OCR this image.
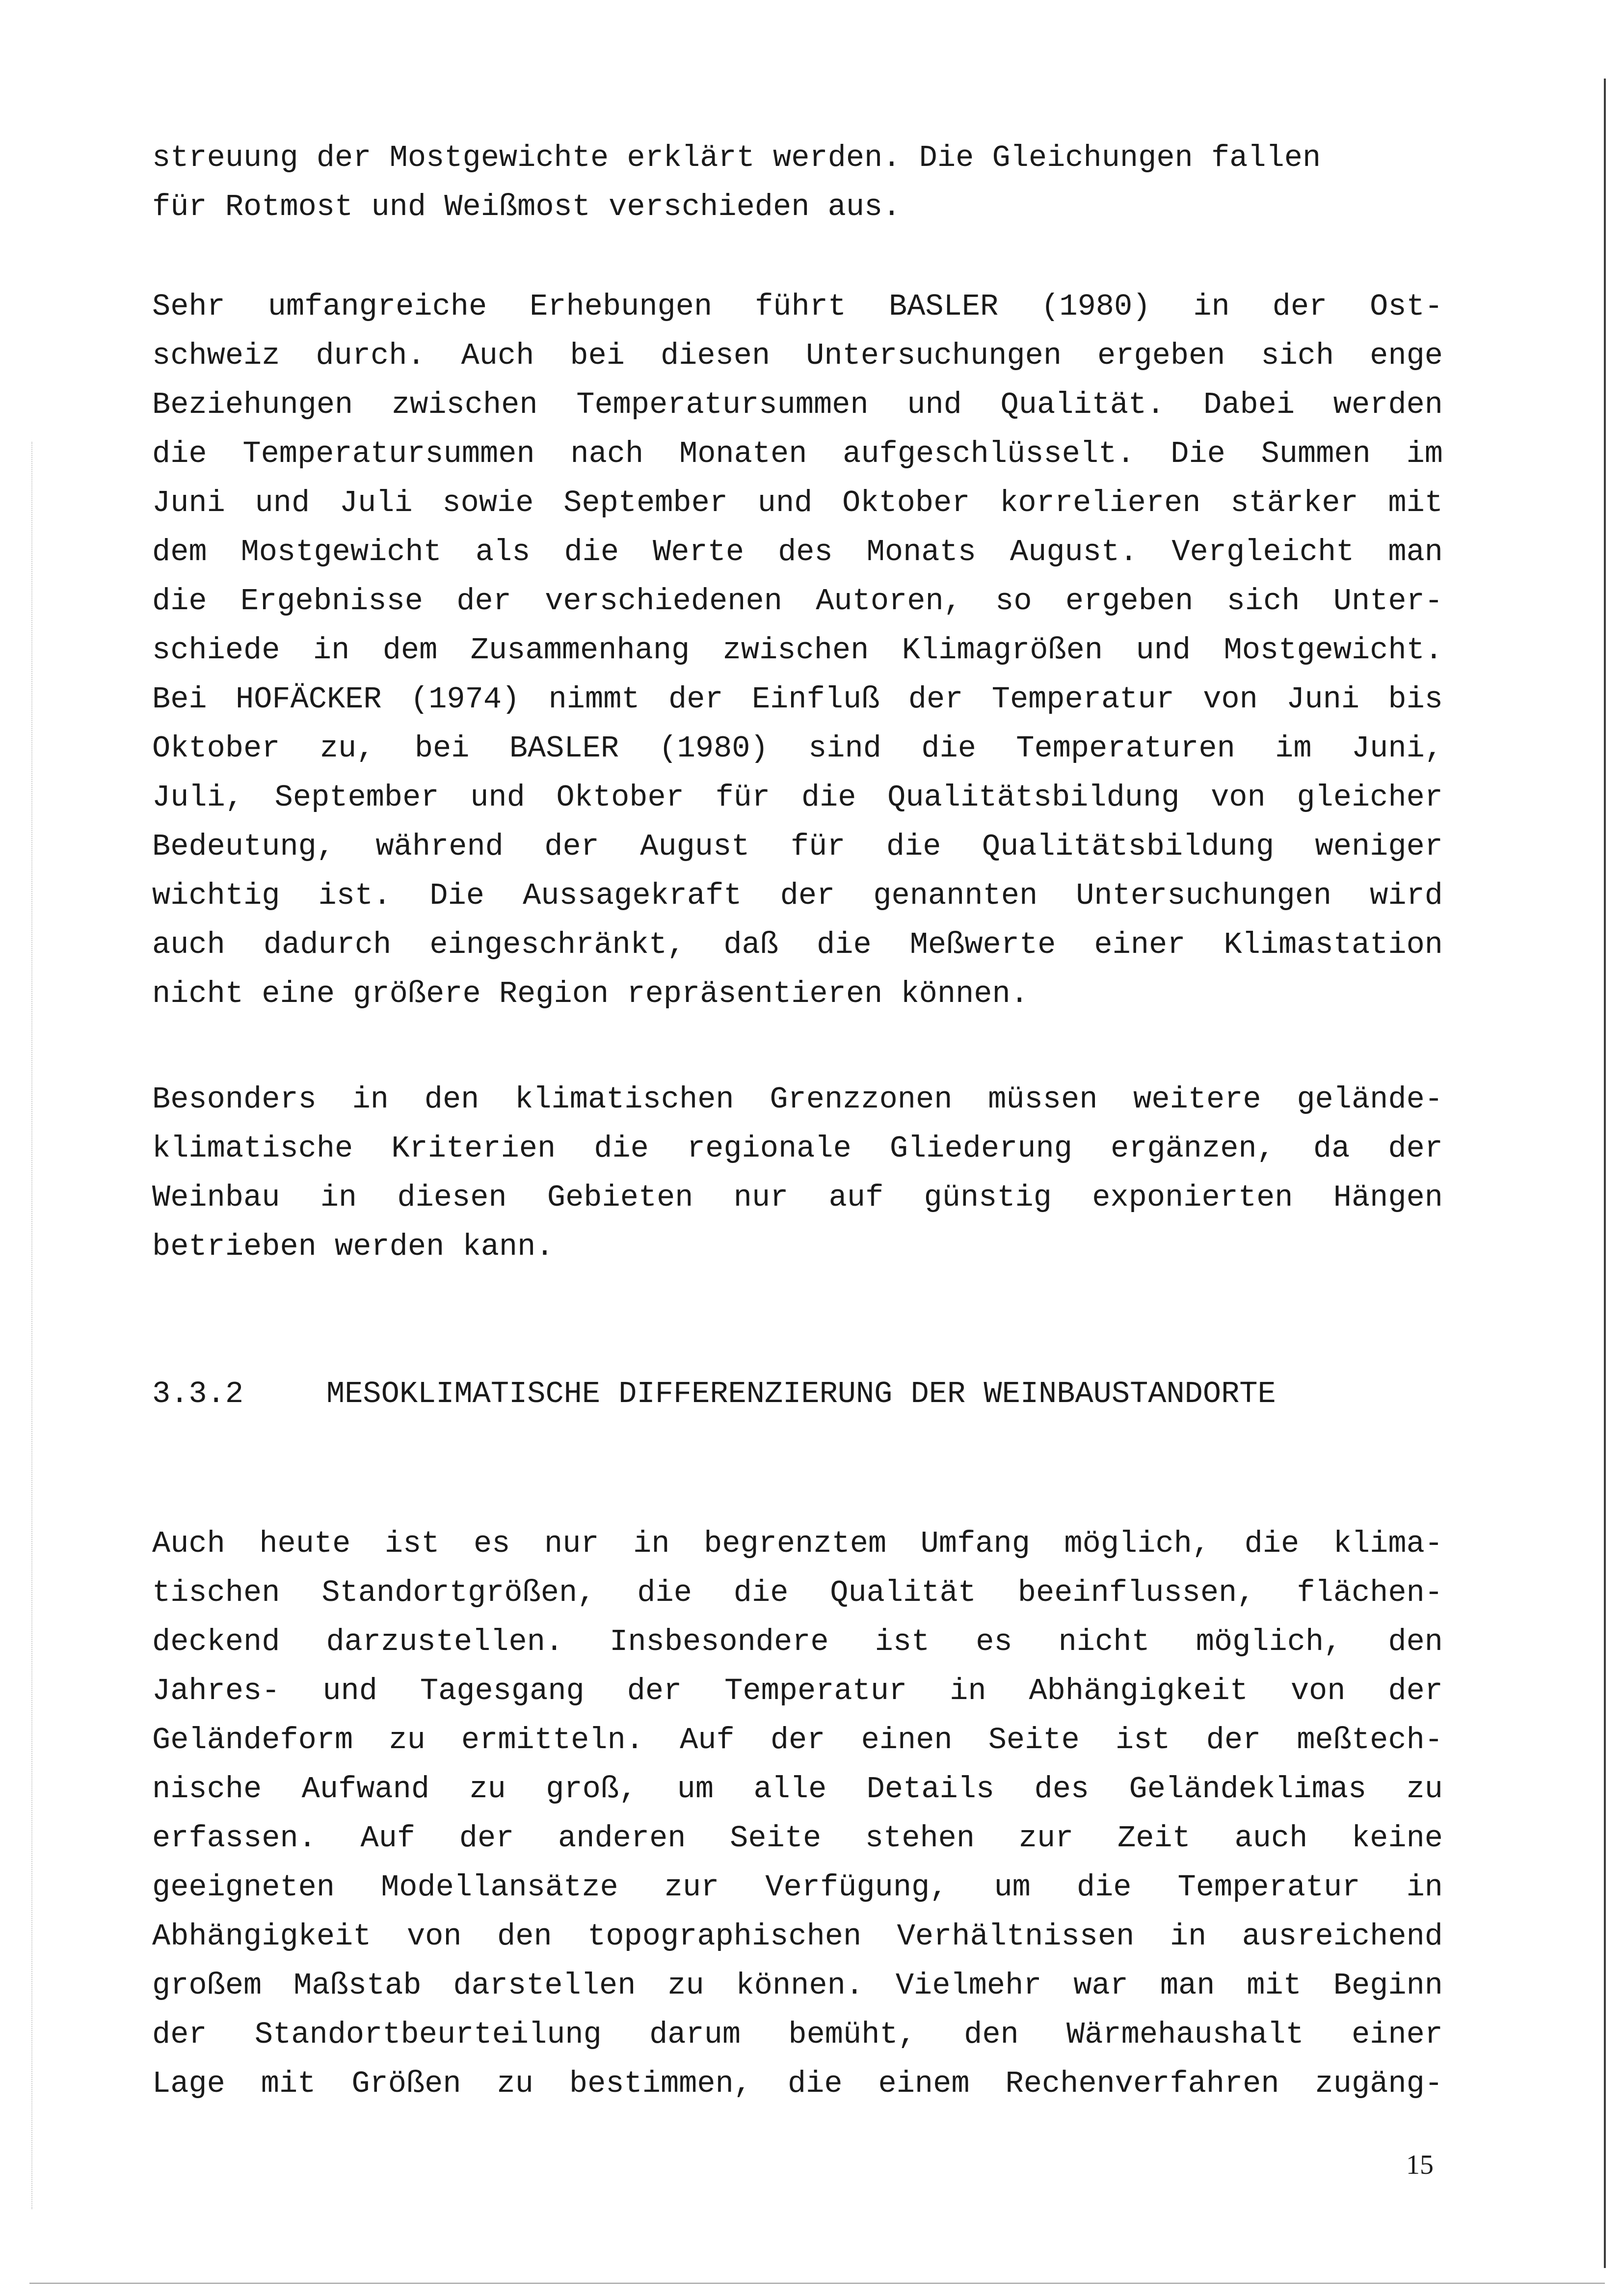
streuung der Mostgewichte erklärt werden. Die Gleichungen fallen
für Rotmost und Weißmost verschieden aus.
Sehr umfangreiche Erhebungen führt BASLER (1980) in der Ost-
schweiz durch. Auch bei diesen Untersuchungen ergeben sich enge
Beziehungen zwischen Temperatursummen und Qualität. Dabei werden
die Temperatursummen nach Monaten aufgeschlüsselt. Die Summen im
Juni und Juli sowie September und Oktober korrelieren stärker mit
dem Mostgewicht als die Werte des Monats August. Vergleicht man
die Ergebnisse der verschiedenen Autoren, so ergeben sich Unter-
schiede in dem Zusammenhang zwischen Klimagrößen und Mostgewicht.
Bei HOFÄCKER (1974) nimmt der Einfluß der Temperatur von Juni bis
Oktober zu, bei BASLER (1980) sind die Temperaturen im Juni,
Juli, September und Oktober für die Qualitätsbildung von gleicher
Bedeutung, während der August für die Qualitätsbildung weniger
wichtig ist. Die Aussagekraft der genannten Untersuchungen wird
auch dadurch eingeschränkt, daß die Meßwerte einer Klimastation
nicht eine größere Region repräsentieren können.
Besonders in den klimatischen Grenzzonen müssen weitere gelände-
klimatische Kriterien die regionale Gliederung ergänzen, da der
Weinbau in diesen Gebieten nur auf günstig exponierten Hängen
betrieben werden kann.
3.3.2	MESOKLIMATISCHE DIFFERENZIERUNG DER WEINBAUSTANDORTE
Auch heute ist es nur in begrenztem Umfang möglich, die klima-
tischen Standortgrößen, die die Qualität beeinflussen, flächen-
deckend darzustellen. Insbesondere ist es nicht möglich, den
Jahres- und Tagesgang der Temperatur in Abhängigkeit von der
Geländeform zu ermitteln. Auf der einen Seite ist der meßtech-
nische Aufwand zu groß, um alle Details des Geländeklimas zu
erfassen. Auf der anderen Seite stehen zur Zeit auch keine
geeigneten Modellansätze zur Verfügung, um die Temperatur in
Abhängigkeit von den topographischen Verhältnissen in ausreichend
großem Maßstab darstellen zu können. Vielmehr war man mit Beginn
der Standortbeurteilung darum bemüht, den Wärmehaushalt einer
Lage mit Größen zu bestimmen, die einem Rechenverfahren zugäng-
15
